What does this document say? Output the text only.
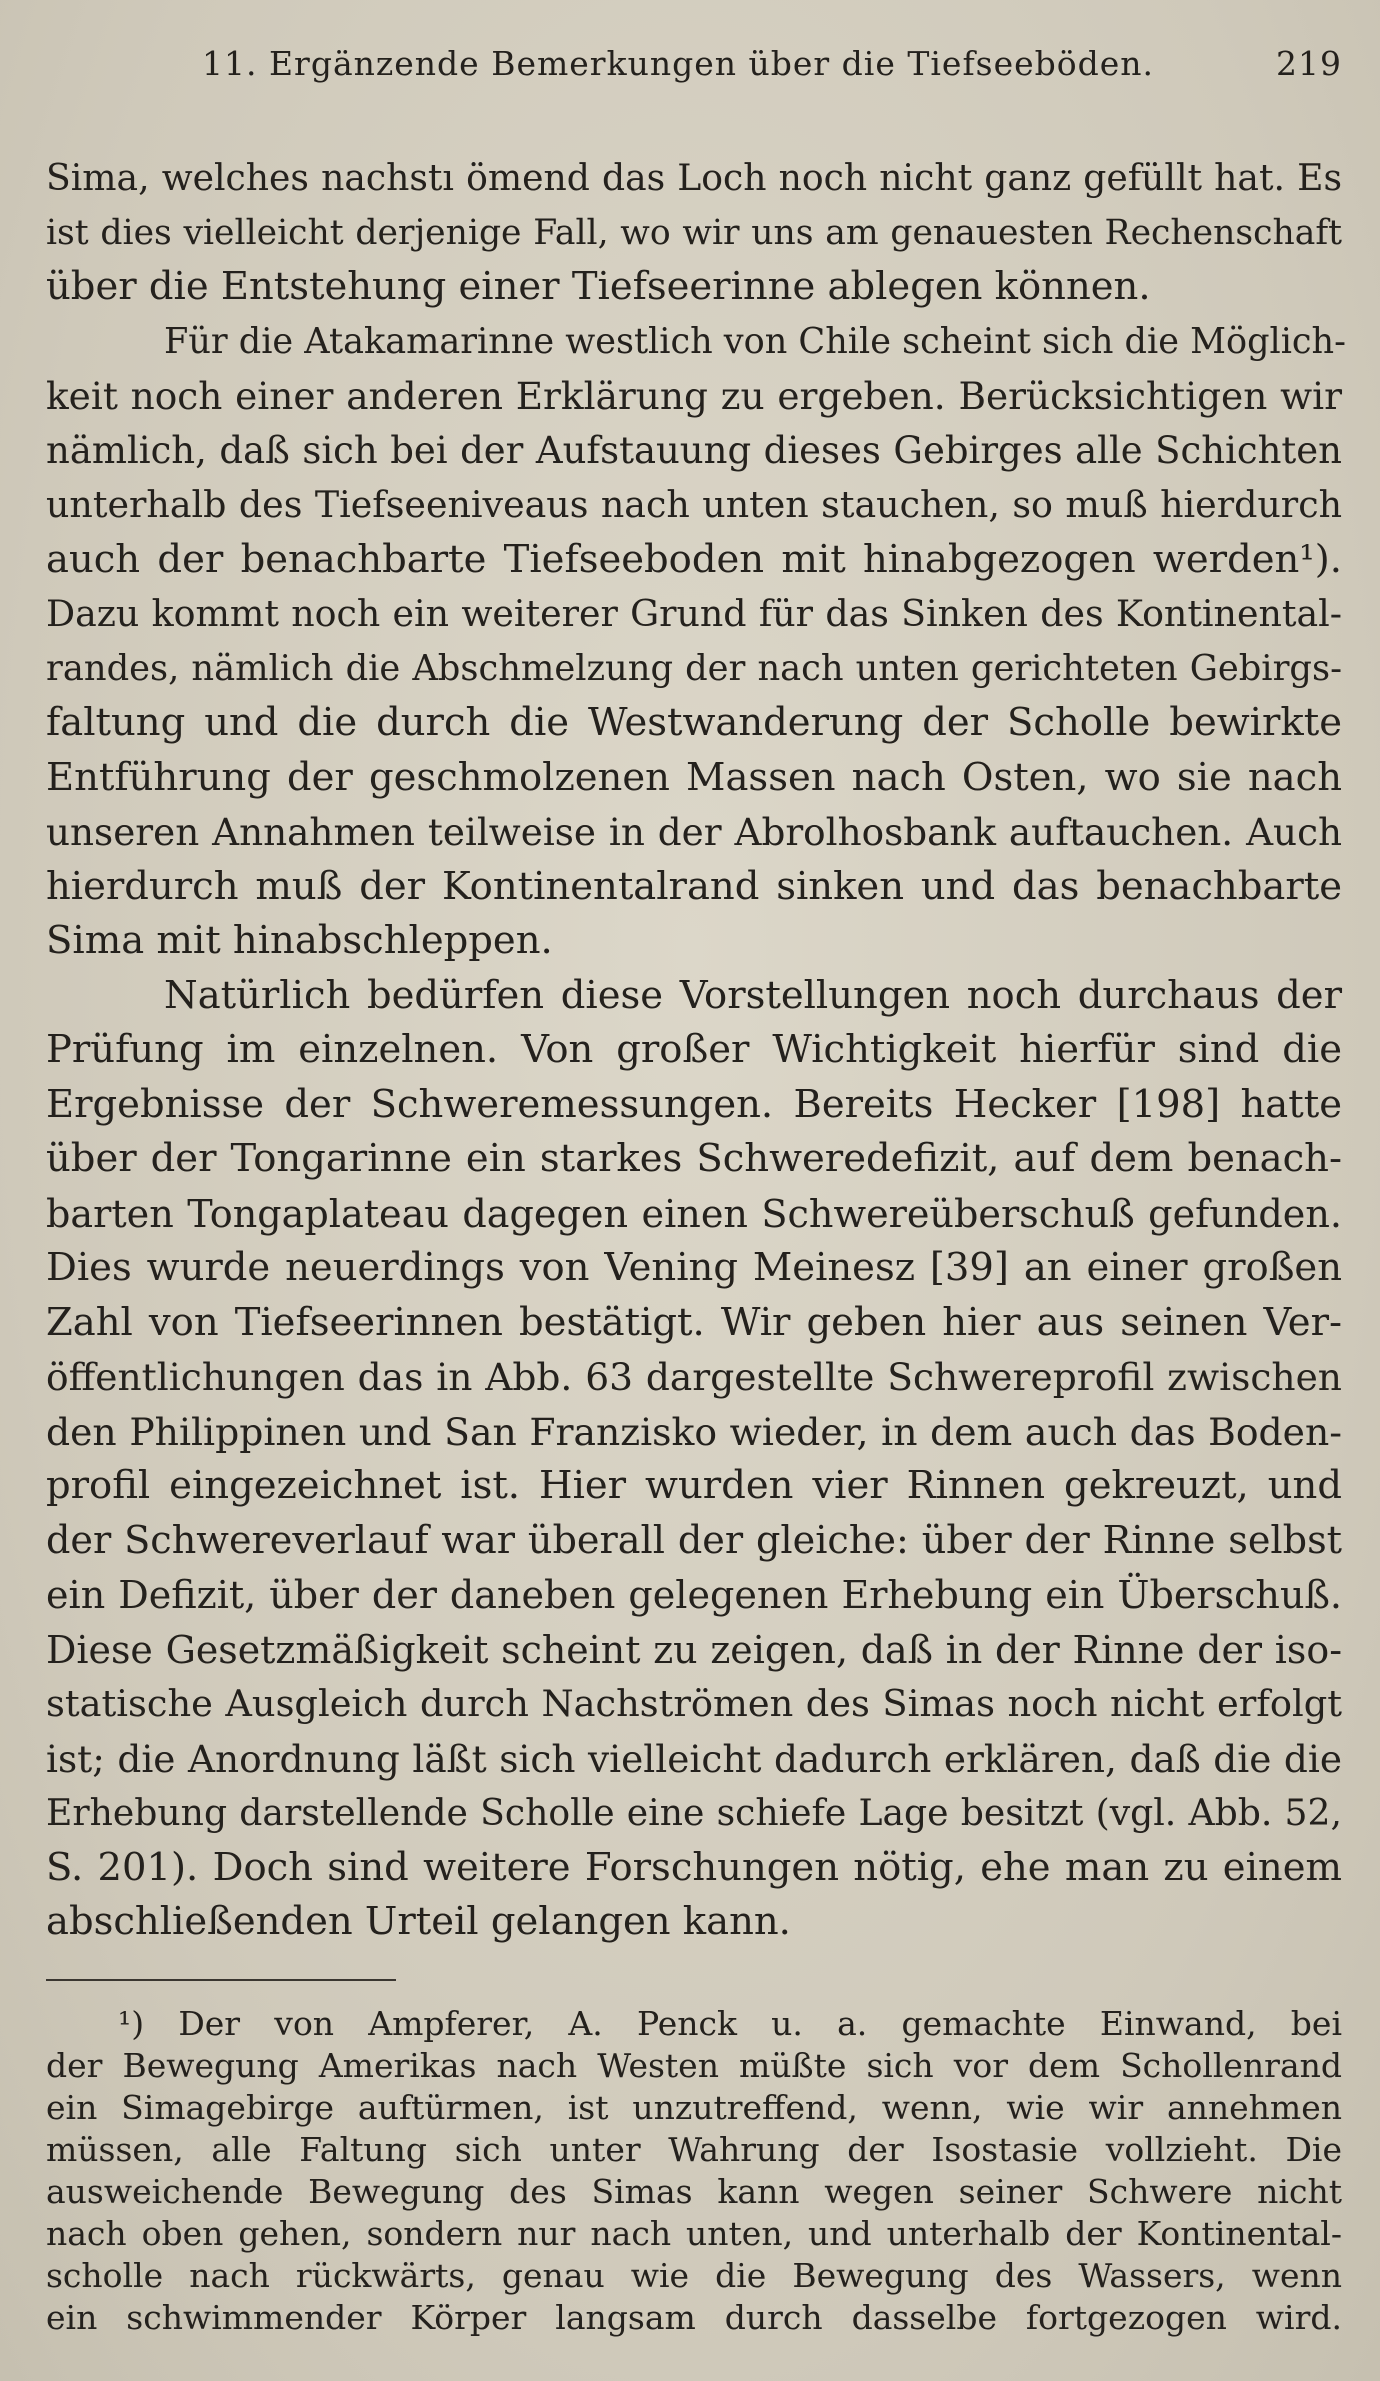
11. Ergänzende Bemerkungen über die Tiefseeböden.	219
Sima, welches nachstı ömend das Loch noch nicht ganz gefüllt hat. Es
ist dies vielleicht derjenige Fall, wo wir uns am genauesten Rechenschaft
über die Entstehung einer Tiefseerinne ablegen können.
Für die Atakamarinne westlich von Chile scheint sich die Möglich-
keit noch einer anderen Erklärung zu ergeben. Berücksichtigen wir
nämlich, daß sich bei der Aufstauung dieses Gebirges alle Schichten
unterhalb des Tiefseeniveaus nach unten stauchen, so muß hierdurch
auch der benachbarte Tiefseeboden mit hinabgezogen werden¹).
Dazu kommt noch ein weiterer Grund für das Sinken des Kontinental-
randes, nämlich die Abschmelzung der nach unten gerichteten Gebirgs-
faltung und die durch die Westwanderung der Scholle bewirkte
Entführung der geschmolzenen Massen nach Osten, wo sie nach
unseren Annahmen teilweise in der Abrolhosbank auftauchen. Auch
hierdurch muß der Kontinentalrand sinken und das benachbarte
Sima mit hinabschleppen.
Natürlich bedürfen diese Vorstellungen noch durchaus der
Prüfung im einzelnen. Von großer Wichtigkeit hierfür sind die
Ergebnisse der Schweremessungen. Bereits Hecker [198] hatte
über der Tongarinne ein starkes Schweredefizit, auf dem benach-
barten Tongaplateau dagegen einen Schwereüberschuß gefunden.
Dies wurde neuerdings von Vening Meinesz [39] an einer großen
Zahl von Tiefseerinnen bestätigt. Wir geben hier aus seinen Ver-
öffentlichungen das in Abb. 63 dargestellte Schwereprofil zwischen
den Philippinen und San Franzisko wieder, in dem auch das Boden-
profil eingezeichnet ist. Hier wurden vier Rinnen gekreuzt, und
der Schwereverlauf war überall der gleiche: über der Rinne selbst
ein Defizit, über der daneben gelegenen Erhebung ein Überschuß.
Diese Gesetzmäßigkeit scheint zu zeigen, daß in der Rinne der iso-
statische Ausgleich durch Nachströmen des Simas noch nicht erfolgt
ist; die Anordnung läßt sich vielleicht dadurch erklären, daß die die
Erhebung darstellende Scholle eine schiefe Lage besitzt (vgl. Abb. 52,
S. 201). Doch sind weitere Forschungen nötig, ehe man zu einem
abschließenden Urteil gelangen kann.
¹) Der von Ampferer, A. Penck u. a. gemachte Einwand, bei
der Bewegung Amerikas nach Westen müßte sich vor dem Schollenrand
ein Simagebirge auftürmen, ist unzutreffend, wenn, wie wir annehmen
müssen, alle Faltung sich unter Wahrung der Isostasie vollzieht. Die
ausweichende Bewegung des Simas kann wegen seiner Schwere nicht
nach oben gehen, sondern nur nach unten, und unterhalb der Kontinental-
scholle nach rückwärts, genau wie die Bewegung des Wassers, wenn
ein schwimmender Körper langsam durch dasselbe fortgezogen wird.
